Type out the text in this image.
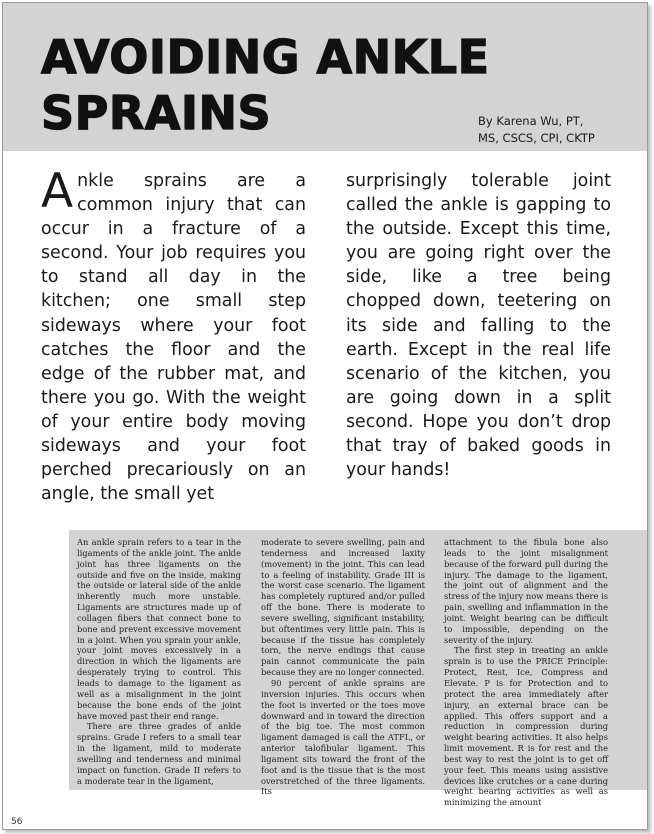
AVOIDING ANKLE SPRAINS	By Karena Wu, PT,
MS, CSCS, CPI, CKTP

Ankle sprains are a common injury that can occur in a fracture of a second. Your job requires you to stand all day in the kitchen; one small step sideways where your foot catches the floor and the edge of the rubber mat, and there you go. With the weight of your entire body moving sideways and your foot perched precariously on an angle, the small yet

surprisingly tolerable joint called the ankle is gapping to the outside. Except this time, you are going right over the side, like a tree being chopped down, teetering on its side and falling to the earth. Except in the real life scenario of the kitchen, you are going down in a split second. Hope you don’t drop that tray of baked goods in your hands!

An ankle sprain refers to a tear in the ligaments of the ankle joint. The ankle joint has three ligaments on the outside and five on the inside, making the outside or lateral side of the ankle inherently much more unstable. Ligaments are structures made up of collagen fibers that connect bone to bone and prevent excessive movement in a joint. When you sprain your ankle, your joint moves excessively in a direction in which the ligaments are desperately trying to control. This leads to damage to the ligament as well as a misalignment in the joint because the bone ends of the joint have moved past their end range.

There are three grades of ankle sprains. Grade I refers to a small tear in the ligament, mild to moderate swelling and tenderness and minimal impact on function. Grade II refers to a moderate tear in the ligament,

moderate to severe swelling, pain and tenderness and increased laxity (movement) in the joint. This can lead to a feeling of instability. Grade III is the worst case scenario. The ligament has completely ruptured and/or pulled off the bone. There is moderate to severe swelling, significant instability, but oftentimes very little pain. This is because if the tissue has completely torn, the nerve endings that cause pain cannot communicate the pain because they are no longer connected.

90 percent of ankle sprains are inversion injuries. This occurs when the foot is inverted or the toes move downward and in toward the direction of the big toe. The most common ligament damaged is call the ATFL, or anterior talofibular ligament. This ligament sits toward the front of the foot and is the tissue that is the most overstretched of the three ligaments. Its

attachment to the fibula bone also leads to the joint misalignment because of the forward pull during the injury. The damage to the ligament, the joint out of alignment and the stress of the injury now means there is pain, swelling and inflammation in the joint. Weight bearing can be difficult to impossible, depending on the severity of the injury.

The first step in treating an ankle sprain is to use the PRICE Principle: Protect, Rest, Ice, Compress and Elevate. P is for Protection and to protect the area immediately after injury, an external brace can be applied. This offers support and a reduction in compression during weight bearing activities. It also helps limit movement. R is for rest and the best way to rest the joint is to get off your feet. This means using assistive devices like crutches or a cane during weight bearing activities as well as minimizing the amount

56
